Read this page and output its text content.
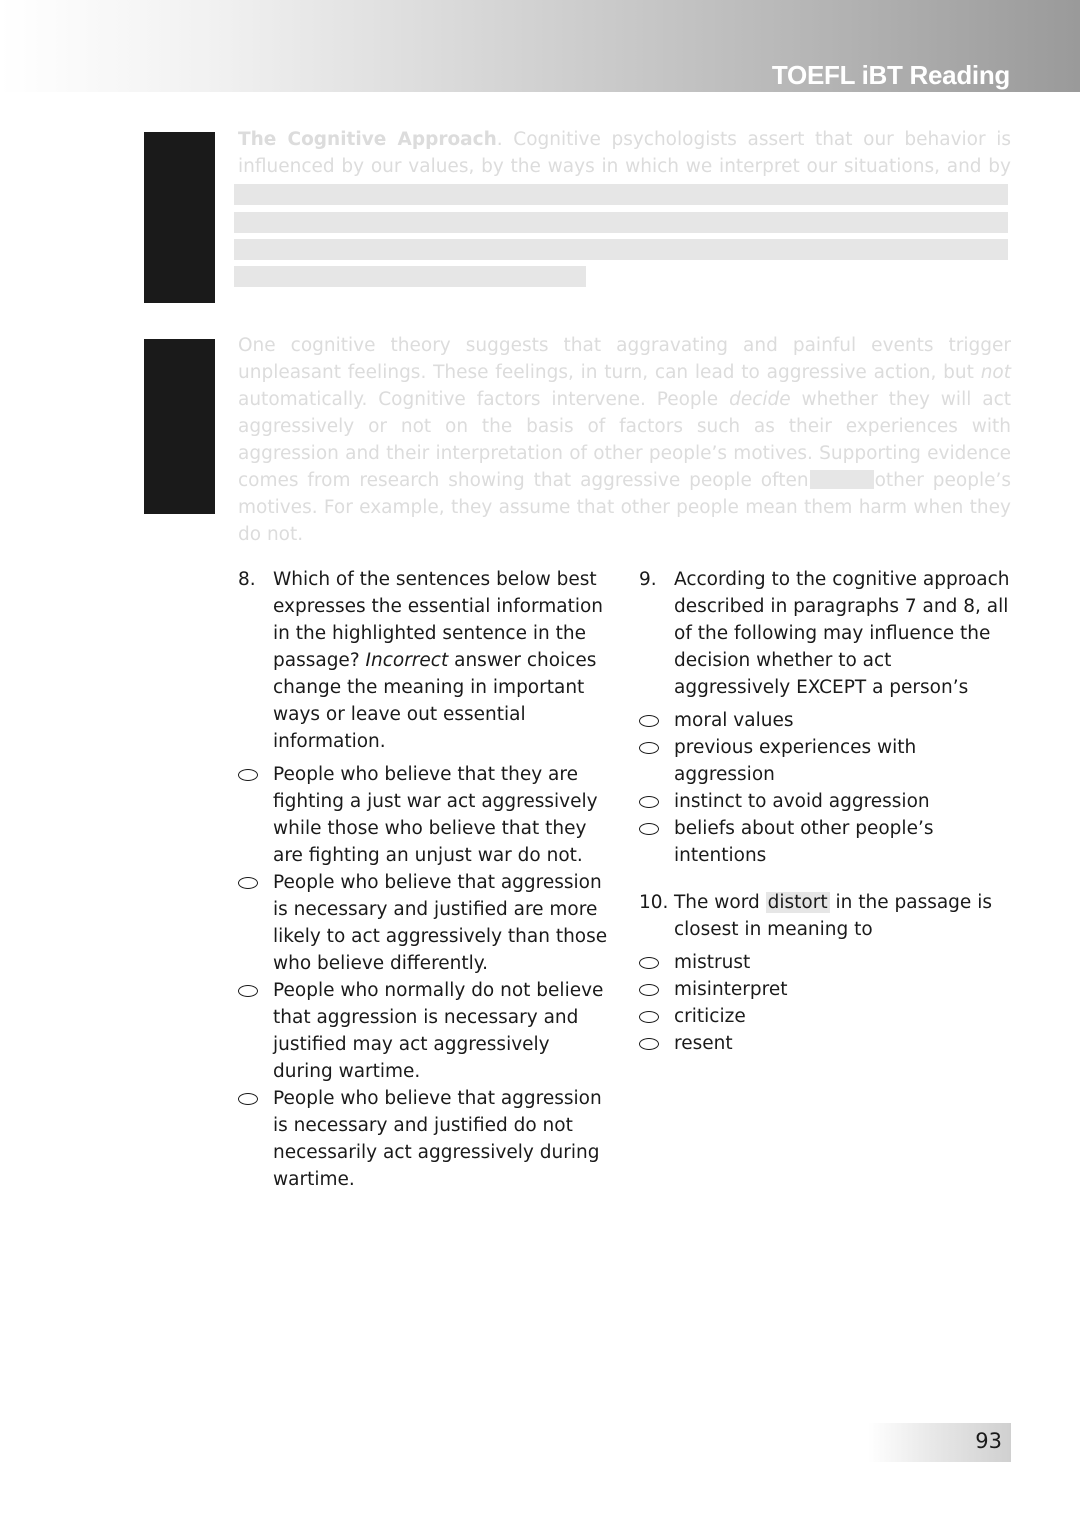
TOEFL iBT Reading

The Cognitive Approach. Cognitive psychologists assert that our behavior is influenced by our values, by the ways in which we interpret our situations, and by

One cognitive theory suggests that aggravating and painful events trigger unpleasant feelings. These feelings, in turn, can lead to aggressive action, but not automatically. Cognitive factors intervene. People decide whether they will act aggressively or not on the basis of factors such as their experiences with aggression and their interpretation of other people’s motives. Supporting evidence comes from research showing that aggressive people often	other people’s motives. For example, they assume that other people mean them harm when they do not.

8. Which of the sentences below best expresses the essential information in the highlighted sentence in the passage? Incorrect answer choices change the meaning in important ways or leave out essential information.
People who believe that they are fighting a just war act aggressively while those who believe that they are fighting an unjust war do not.
People who believe that aggression is necessary and justified are more likely to act aggressively than those who believe differently.
People who normally do not believe that aggression is necessary and justified may act aggressively during wartime.
People who believe that aggression is necessary and justified do not necessarily act aggressively during wartime.
9. According to the cognitive approach described in paragraphs 7 and 8, all of the following may influence the decision whether to act aggressively EXCEPT a person’s
moral values
previous experiences with aggression
instinct to avoid aggression
beliefs about other people’s intentions
10. The word distort in the passage is closest in meaning to
mistrust
misinterpret
criticize
resent
93
